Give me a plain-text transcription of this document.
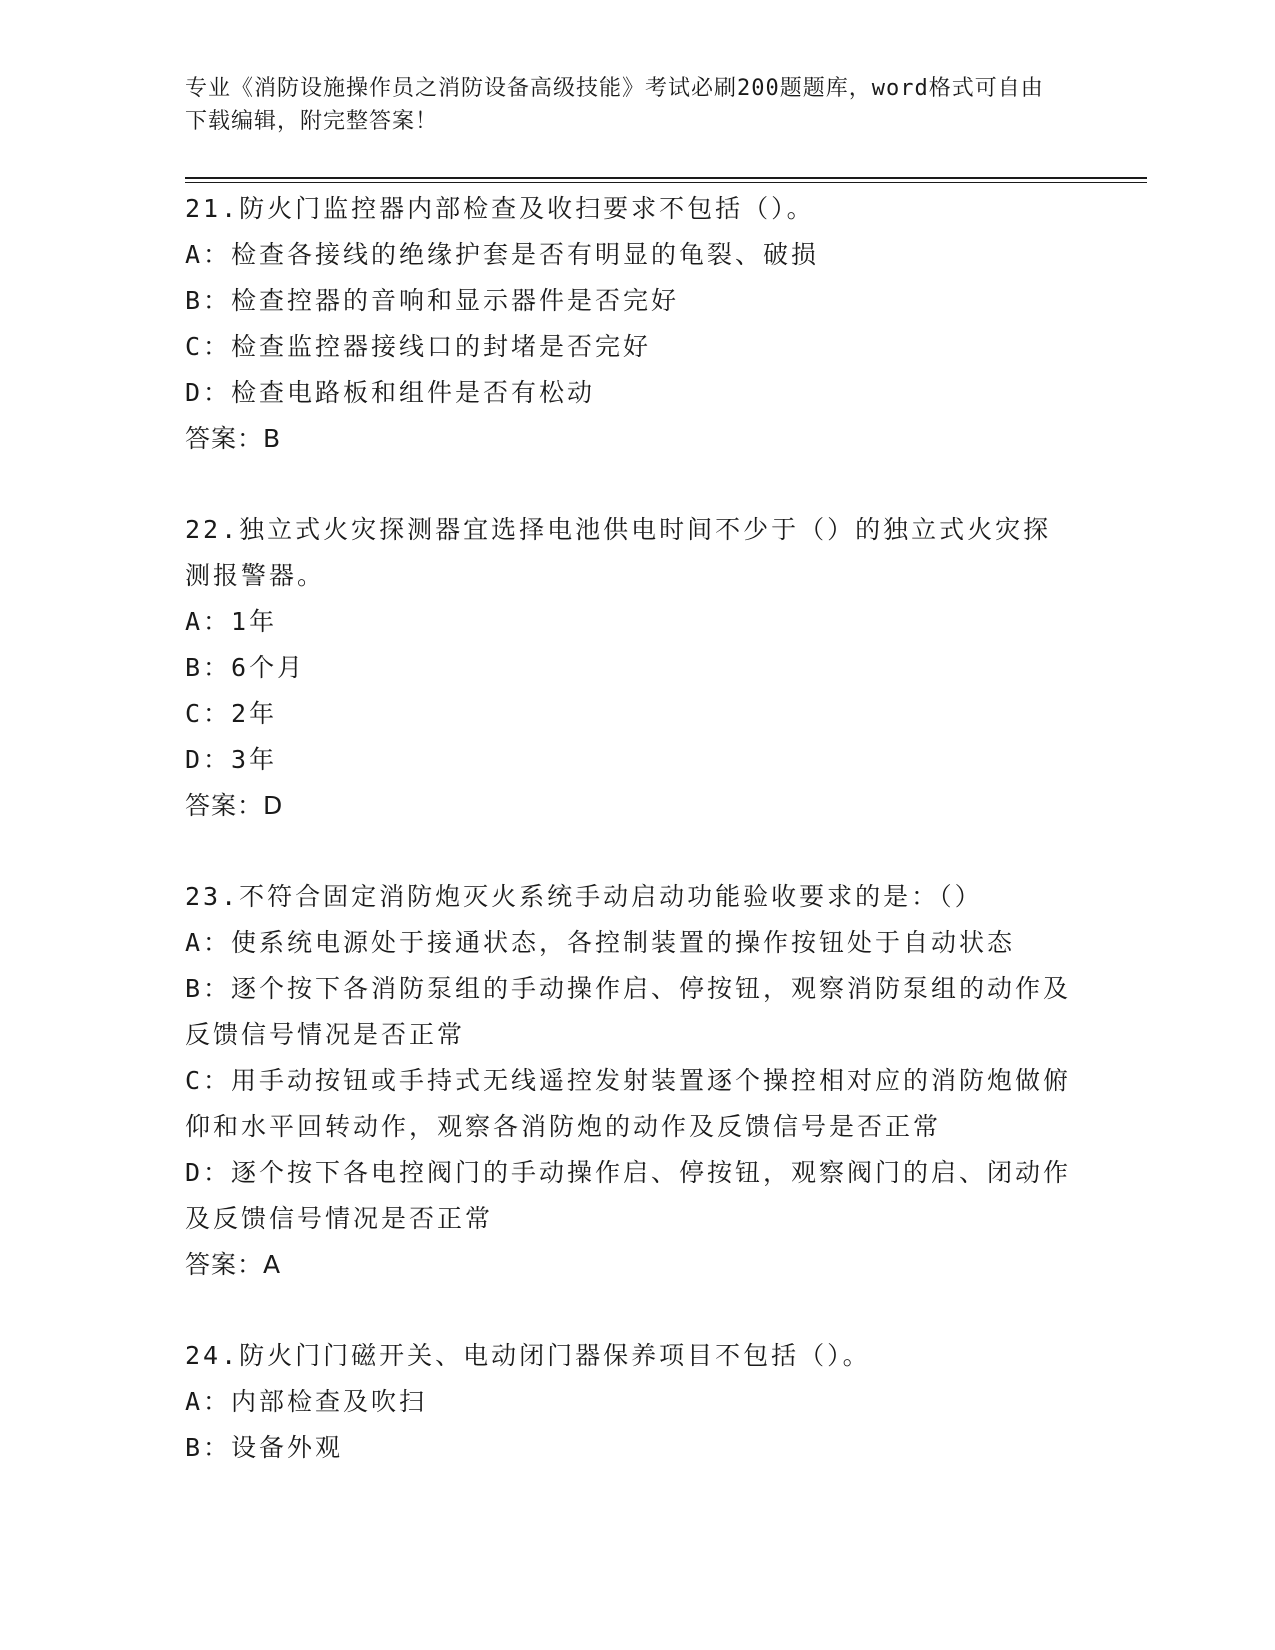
专业《消防设施操作员之消防设备高级技能》考试必刷200题题库，word格式可自由下载编辑，附完整答案！
21.防火门监控器内部检查及收扫要求不包括（）。
A：检查各接线的绝缘护套是否有明显的龟裂、破损
B：检查控器的音响和显示器件是否完好
C：检查监控器接线口的封堵是否完好
D：检查电路板和组件是否有松动
答案：B
22.独立式火灾探测器宜选择电池供电时间不少于（）的独立式火灾探测报警器。
A：1年
B：6个月
C：2年
D：3年
答案：D
23.不符合固定消防炮灭火系统手动启动功能验收要求的是：（）
A：使系统电源处于接通状态，各控制装置的操作按钮处于自动状态
B：逐个按下各消防泵组的手动操作启、停按钮，观察消防泵组的动作及反馈信号情况是否正常
C：用手动按钮或手持式无线遥控发射装置逐个操控相对应的消防炮做俯仰和水平回转动作，观察各消防炮的动作及反馈信号是否正常
D：逐个按下各电控阀门的手动操作启、停按钮，观察阀门的启、闭动作及反馈信号情况是否正常
答案：A
24.防火门门磁开关、电动闭门器保养项目不包括（）。
A：内部检查及吹扫
B：设备外观
